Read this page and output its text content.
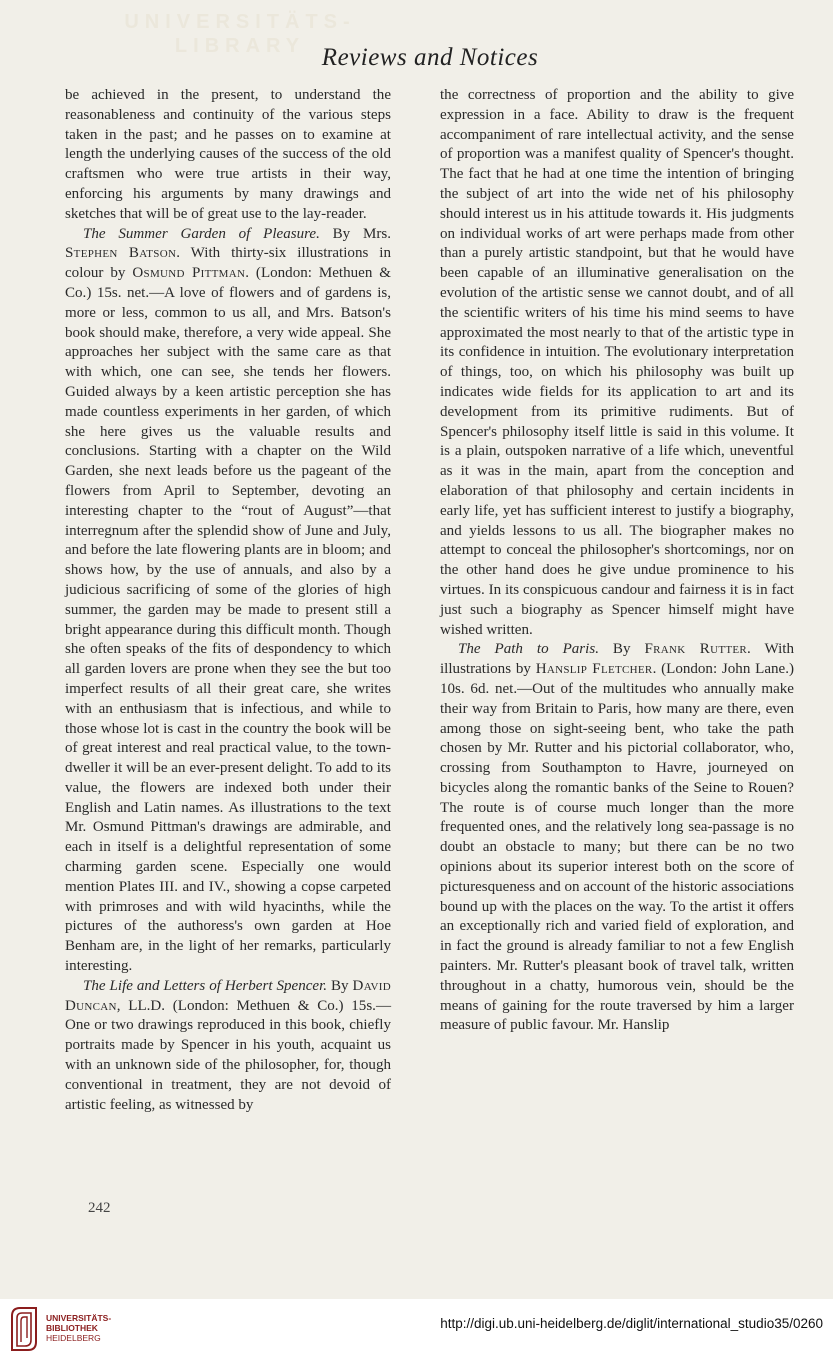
UNIVERSITÄTS-
LIBRARY Reviews and Notices

be achieved in the present, to understand the reasonableness and continuity of the various steps taken in the past; and he passes on to examine at length the underlying causes of the success of the old craftsmen who were true artists in their way, enforcing his arguments by many drawings and sketches that will be of great use to the lay-reader.

The Summer Garden of Pleasure. By Mrs. Stephen Batson. With thirty-six illustrations in colour by Osmund Pittman. (London: Methuen & Co.) 15s. net.—A love of flowers and of gardens is, more or less, common to us all, and Mrs. Batson's book should make, therefore, a very wide appeal. She approaches her subject with the same care as that with which, one can see, she tends her flowers. Guided always by a keen artistic perception she has made countless experiments in her garden, of which she here gives us the valuable results and conclusions. Starting with a chapter on the Wild Garden, she next leads before us the pageant of the flowers from April to September, devoting an interesting chapter to the “rout of August”—that interregnum after the splendid show of June and July, and before the late flowering plants are in bloom; and shows how, by the use of annuals, and also by a judicious sacrificing of some of the glories of high summer, the garden may be made to present still a bright appearance during this difficult month. Though she often speaks of the fits of despondency to which all garden lovers are prone when they see the but too imperfect results of all their great care, she writes with an enthusiasm that is infectious, and while to those whose lot is cast in the country the book will be of great interest and real practical value, to the town-dweller it will be an ever-present delight. To add to its value, the flowers are indexed both under their English and Latin names. As illustrations to the text Mr. Osmund Pittman's drawings are admirable, and each in itself is a delightful representation of some charming garden scene. Especially one would mention Plates III. and IV., showing a copse carpeted with primroses and with wild hyacinths, while the pictures of the authoress's own garden at Hoe Benham are, in the light of her remarks, particularly interesting.

The Life and Letters of Herbert Spencer. By David Duncan, LL.D. (London: Methuen & Co.) 15s.—One or two drawings reproduced in this book, chiefly portraits made by Spencer in his youth, acquaint us with an unknown side of the philosopher, for, though conventional in treatment, they are not devoid of artistic feeling, as witnessed by

the correctness of proportion and the ability to give expression in a face. Ability to draw is the frequent accompaniment of rare intellectual activity, and the sense of proportion was a manifest quality of Spencer's thought. The fact that he had at one time the intention of bringing the subject of art into the wide net of his philosophy should interest us in his attitude towards it. His judgments on individual works of art were perhaps made from other than a purely artistic standpoint, but that he would have been capable of an illuminative generalisation on the evolution of the artistic sense we cannot doubt, and of all the scientific writers of his time his mind seems to have approximated the most nearly to that of the artistic type in its confidence in intuition. The evolutionary interpretation of things, too, on which his philosophy was built up indicates wide fields for its application to art and its development from its primitive rudiments. But of Spencer's philosophy itself little is said in this volume. It is a plain, outspoken narrative of a life which, uneventful as it was in the main, apart from the conception and elaboration of that philosophy and certain incidents in early life, yet has sufficient interest to justify a biography, and yields lessons to us all. The biographer makes no attempt to conceal the philosopher's shortcomings, nor on the other hand does he give undue prominence to his virtues. In its conspicuous candour and fairness it is in fact just such a biography as Spencer himself might have wished written.

The Path to Paris. By Frank Rutter. With illustrations by Hanslip Fletcher. (London: John Lane.) 10s. 6d. net.—Out of the multitudes who annually make their way from Britain to Paris, how many are there, even among those on sight-seeing bent, who take the path chosen by Mr. Rutter and his pictorial collaborator, who, crossing from Southampton to Havre, journeyed on bicycles along the romantic banks of the Seine to Rouen? The route is of course much longer than the more frequented ones, and the relatively long sea-passage is no doubt an obstacle to many; but there can be no two opinions about its superior interest both on the score of picturesqueness and on account of the historic associations bound up with the places on the way. To the artist it offers an exceptionally rich and varied field of exploration, and in fact the ground is already familiar to not a few English painters. Mr. Rutter's pleasant book of travel talk, written throughout in a chatty, humorous vein, should be the means of gaining for the route traversed by him a larger measure of public favour. Mr. Hanslip

242
UNIVERSITÄTS-
BIBLIOTHEK
HEIDELBERG
http://digi.ub.uni-heidelberg.de/diglit/international_studio35/0260
